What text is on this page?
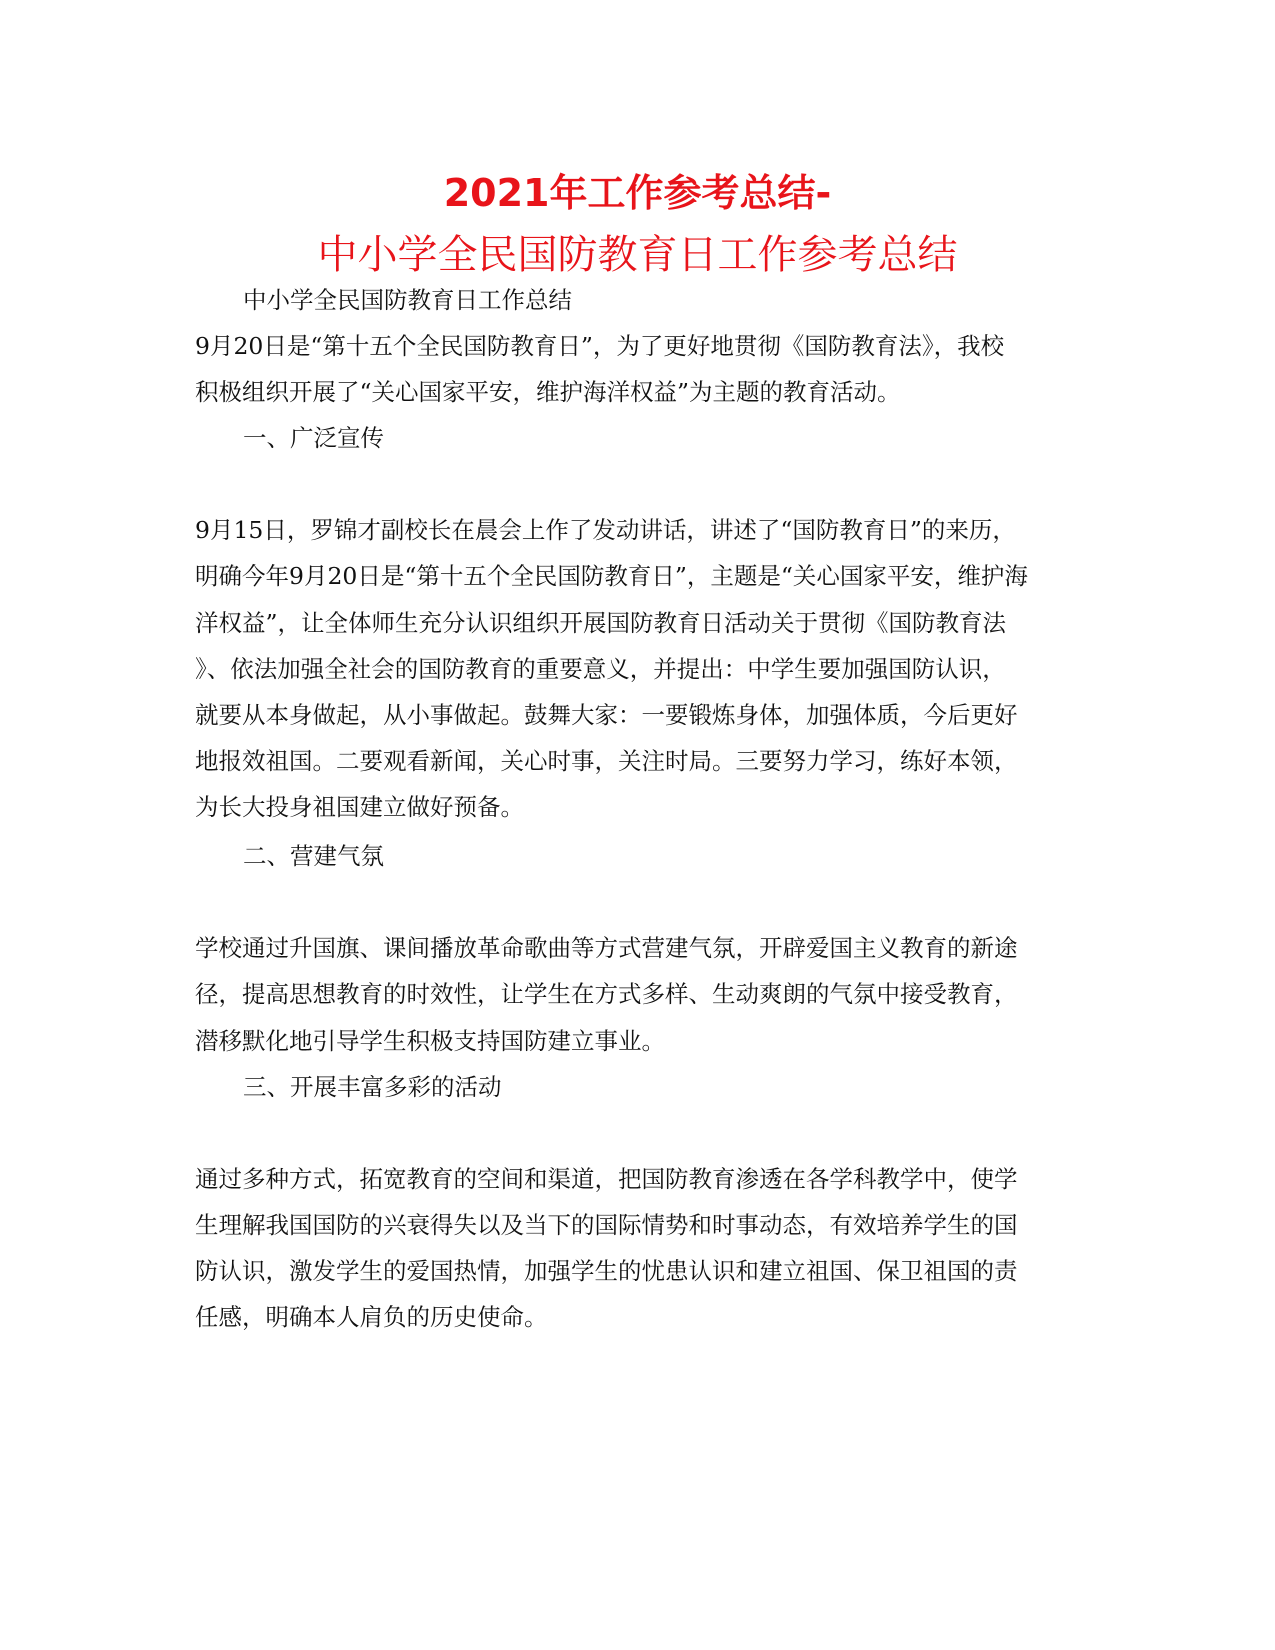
2021年工作参考总结-
中小学全民国防教育日工作参考总结
中小学全民国防教育日工作总结
9月20日是“第十五个全民国防教育日”，为了更好地贯彻《国防教育法》，我校
积极组织开展了“关心国家平安，维护海洋权益”为主题的教育活动。
一、广泛宣传
9月15日，罗锦才副校长在晨会上作了发动讲话，讲述了“国防教育日”的来历，
明确今年9月20日是“第十五个全民国防教育日”，主题是“关心国家平安，维护海
洋权益”，让全体师生充分认识组织开展国防教育日活动关于贯彻《国防教育法
》、依法加强全社会的国防教育的重要意义，并提出：中学生要加强国防认识，
就要从本身做起，从小事做起。鼓舞大家：一要锻炼身体，加强体质，今后更好
地报效祖国。二要观看新闻，关心时事，关注时局。三要努力学习，练好本领，
为长大投身祖国建立做好预备。
二、营建气氛
学校通过升国旗、课间播放革命歌曲等方式营建气氛，开辟爱国主义教育的新途
径，提高思想教育的时效性，让学生在方式多样、生动爽朗的气氛中接受教育，
潜移默化地引导学生积极支持国防建立事业。
三、开展丰富多彩的活动
通过多种方式，拓宽教育的空间和渠道，把国防教育渗透在各学科教学中，使学
生理解我国国防的兴衰得失以及当下的国际情势和时事动态，有效培养学生的国
防认识，激发学生的爱国热情，加强学生的忧患认识和建立祖国、保卫祖国的责
任感，明确本人肩负的历史使命。
